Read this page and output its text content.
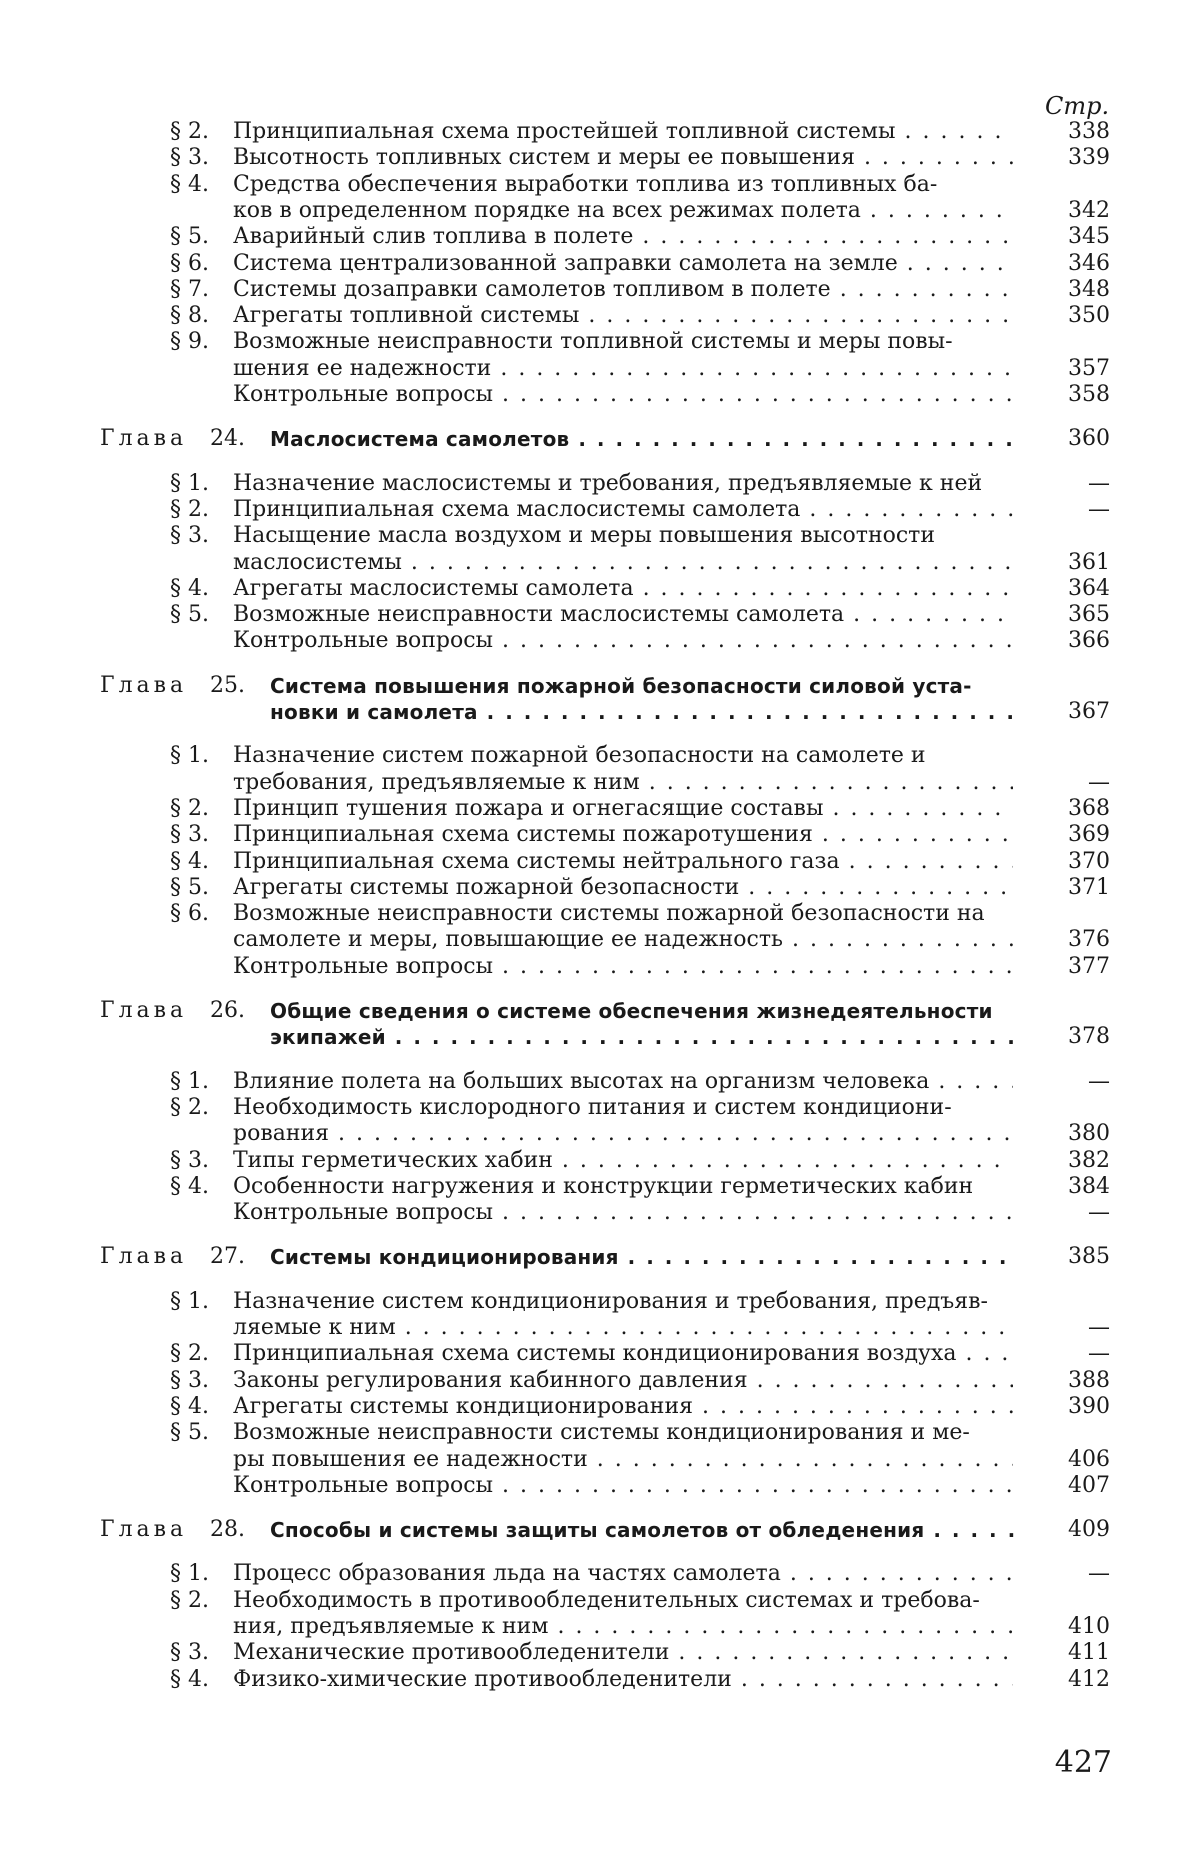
Стр.
§ 2. Принципиальная схема простейшей топливной системы . . .	338
§ 3. Высотность топливных систем и меры ее повышения . . .	339
§ 4. Средства обеспечения выработки топлива из топливных ба-
ков в определенном порядке на всех режимах полета . . .	342
§ 5. Аварийный слив топлива в полете . . .	345
§ 6. Система централизованной заправки самолета на земле . . .	346
§ 7. Системы дозаправки самолетов топливом в полете . . .	348
§ 8. Агрегаты топливной системы . . .	350
§ 9. Возможные неисправности топливной системы и меры повы-
шения ее надежности . . .	357
Контрольные вопросы . . .	358
Глава 24. Маслосистема самолетов . . .	360
§ 1. Назначение маслосистемы и требования, предъявляемые к ней	—
§ 2. Принципиальная схема маслосистемы самолета . . .	—
§ 3. Насыщение масла воздухом и меры повышения высотности
маслосистемы . . .	361
§ 4. Агрегаты маслосистемы самолета . . .	364
§ 5. Возможные неисправности маслосистемы самолета . . .	365
Контрольные вопросы . . .	366
Глава 25. Система повышения пожарной безопасности силовой уста-
новки и самолета . . .	367
§ 1. Назначение систем пожарной безопасности на самолете и
требования, предъявляемые к ним . . .	—
§ 2. Принцип тушения пожара и огнегасящие составы . . .	368
§ 3. Принципиальная схема системы пожаротушения . . .	369
§ 4. Принципиальная схема системы нейтрального газа . . .	370
§ 5. Агрегаты системы пожарной безопасности . . .	371
§ 6. Возможные неисправности системы пожарной безопасности на
самолете и меры, повышающие ее надежность . . .	376
Контрольные вопросы . . .	377
Глава 26. Общие сведения о системе обеспечения жизнедеятельности
экипажей . . .	378
§ 1. Влияние полета на больших высотах на организм человека . . .	—
§ 2. Необходимость кислородного питания и систем кондициони-
рования . . .	380
§ 3. Типы герметических хабин . . .	382
§ 4. Особенности нагружения и конструкции герметических кабин	384
Контрольные вопросы . . .	—
Глава 27. Системы кондиционирования . . .	385
§ 1. Назначение систем кондиционирования и требования, предъяв-
ляемые к ним . . .	—
§ 2. Принципиальная схема системы кондиционирования воздуха . . .	—
§ 3. Законы регулирования кабинного давления . . .	388
§ 4. Агрегаты системы кондиционирования . . .	390
§ 5. Возможные неисправности системы кондиционирования и ме-
ры повышения ее надежности . . .	406
Контрольные вопросы . . .	407
Глава 28. Способы и системы защиты самолетов от обледенения . . .	409
§ 1. Процесс образования льда на частях самолета . . .	—
§ 2. Необходимость в противообледенительных системах и требова-
ния, предъявляемые к ним . . .	410
§ 3. Механические противообледенители . . .	411
§ 4. Физико-химические противообледенители . . .	412
427
